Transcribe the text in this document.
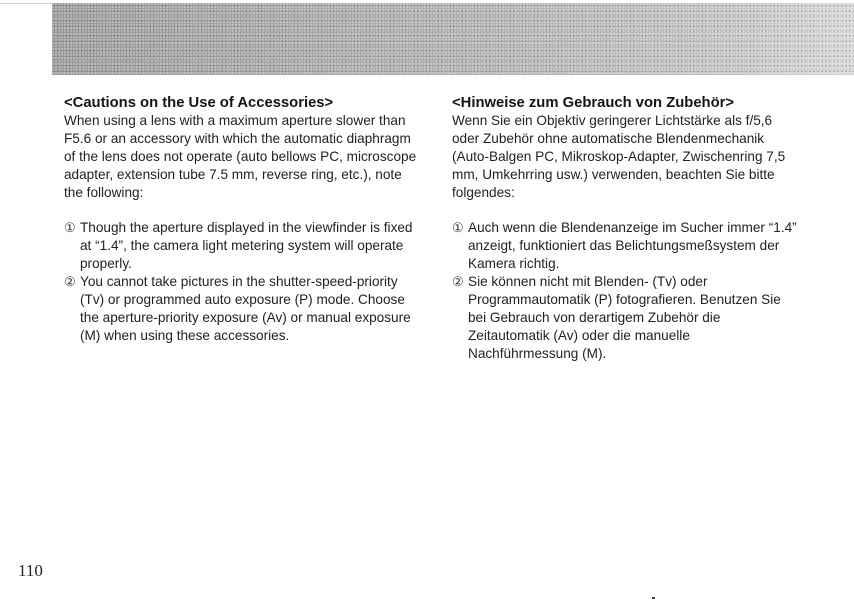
<Cautions on the Use of Accessories>

When using a lens with a maximum aperture slower than F5.6 or an accessory with which the automatic diaphragm of the lens does not operate (auto bellows PC, microscope adapter, extension tube 7.5 mm, reverse ring, etc.), note the following:

① Though the aperture displayed in the viewfinder is fixed at “1.4”, the camera light metering system will operate properly.
② You cannot take pictures in the shutter-speed-priority (Tv) or programmed auto exposure (P) mode. Choose the aperture-priority exposure (Av) or manual exposure (M) when using these accessories.
<Hinweise zum Gebrauch von Zubehör>

Wenn Sie ein Objektiv geringerer Lichtstärke als f/5,6 oder Zubehör ohne automatische Blendenmechanik (Auto-Balgen PC, Mikroskop-Adapter, Zwischenring 7,5 mm, Umkehrring usw.) verwenden, beachten Sie bitte folgendes:

① Auch wenn die Blendenanzeige im Sucher immer “1.4” anzeigt, funktioniert das Belichtungsmeßsystem der Kamera richtig.
② Sie können nicht mit Blenden- (Tv) oder Programmautomatik (P) fotografieren. Benutzen Sie bei Gebrauch von derartigem Zubehör die Zeitautomatik (Av) oder die manuelle Nachführmessung (M).
110
